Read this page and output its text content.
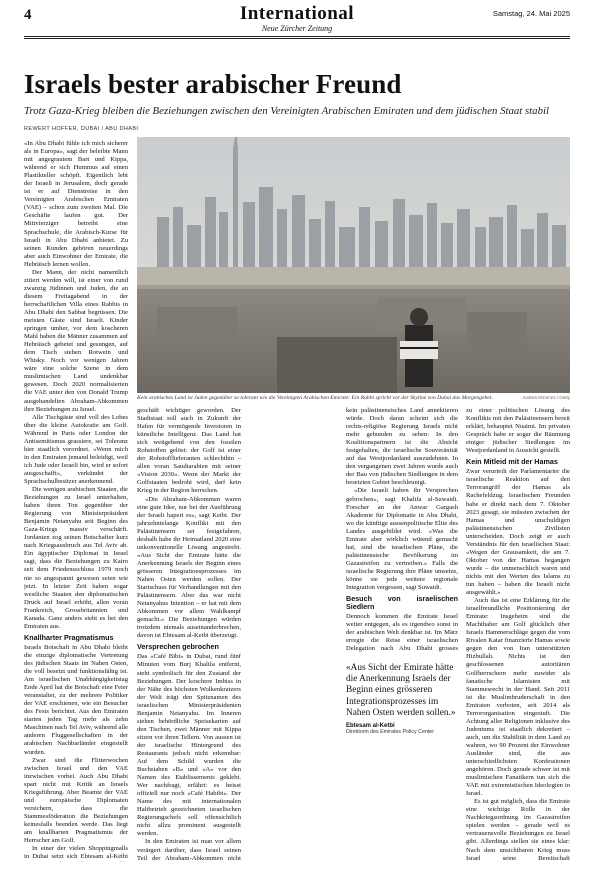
4	International
Neue Zürcher Zeitung
Samstag, 24. Mai 2025
Israels bester arabischer Freund
Trotz Gaza-Krieg bleiben die Beziehungen zwischen den Vereinigten Arabischen Emiraten und dem jüdischen Staat stabil
REWERT HOFFER, DUBAI / ABU DHABI

«In Abu Dhabi fühle ich mich sicherer als in Europa», sagt der beleibte Mann mit angegrautem Bart und Kippa, während er sich Hummus auf einen Plastikteller schöpft. Eigentlich lebt der Israeli in Jerusalem, doch gerade ist er auf Dienstreise in den Vereinigten Arabischen Emiraten (VAE) – schon zum zweiten Mal. Die Geschäfte laufen gut. Der Mittvierziger betreibt eine Sprachschule, die Arabisch-Kurse für Israeli in Abu Dhabi anbietet. Zu seinen Kunden gehören neuerdings aber auch Einwohner der Emirate, die Hebräisch lernen wollen.

Der Mann, der nicht namentlich zitiert werden will, ist einer von rund zwanzig Jüdinnen und Juden, die an diesem Freitagabend in der herrschaftlichen Villa eines Rabbis in Abu Dhabi den Sabbat begrüssen. Die meisten Gäste sind Israeli. Kinder springen umher, vor dem koscheren Mahl haben die Männer zusammen auf Hebräisch gebetet und gesungen, auf dem Tisch stehen Rotwein und Whisky. Noch vor wenigen Jahren wäre eine solche Szene in dem muslimischen Land undenkbar gewesen. Doch 2020 normalisierten die VAE unter den von Donald Trump ausgehandelten Abraham-Abkommen ihre Beziehungen zu Israel.

Alle Tischgäste sind voll des Lobes über die kleine Autokratie am Golf. Während in Paris oder London der Antisemitismus grassiere, sei Toleranz hier staatlich verordnet. «Wenn mich in den Emiraten jemand beleidigt, weil ich Jude oder Israeli bin, wird er sofort ausgeschafft», verkündet der Sprachschulbesitzer anerkennend.

Die wenigen arabischen Staaten, die Beziehungen zu Israel unterhalten, haben ihren Ton gegenüber der Regierung von Ministerpräsident Benjamin Netanyahu seit Beginn des Gaza-Kriegs massiv verschärft. Jordanien zog seinen Botschafter kurz nach Kriegsausbruch aus Tel Aviv ab. Ein ägyptischer Diplomat in Israel sagt, dass die Beziehungen zu Kairo seit dem Friedensschluss 1979 noch nie so angespannt gewesen seien wie jetzt. In letzter Zeit haben sogar westliche Staaten den diplomatischen Druck auf Israel erhöht, allen voran Frankreich, Grossbritannien und Kanada. Ganz anders sieht es bei den Emiraten aus.

Knallharter Pragmatismus

Israels Botschaft in Abu Dhabi bleibt die einzige diplomatische Vertretung des jüdischen Staats im Nahen Osten, die voll besetzt und funktionsfähig ist. Am israelischen Unabhängigkeitstag Ende April hat die Botschaft eine Feier veranstaltet, zu der mehrere Politiker der VAE erschienen, wie ein Besucher des Fests berichtet. Aus den Emiraten starten jeden Tag mehr als zehn Maschinen nach Tel Aviv, während alle anderen Fluggesellschaften in der arabischen Nachbarländer eingestellt wurden.

Zwar sind die Flitterwochen zwischen Israel und den VAE inzwischen vorbei. Auch Abu Dhabi spart nicht mit Kritik an Israels Kriegsführung. Aber Beamte der VAE und europäische Diplomaten versichern, dass die Stammesföderation die Beziehungen keinesfalls beenden werde. Das liegt am knallharten Pragmatismus der Herrscher am Golf.

In einer der vielen Shoppingmalls in Dubai setzt sich Ebtesam al-Ketbi

Kein arabisches Land ist Juden gegenüber so tolerant wie die Vereinigten Arabischen Emirate: Ein Rabbi spricht vor der Skyline von Dubai das Morgengebet.	Andrea DiCenzo / Getty

geschäft wichtiger geworden. Der Stadtstaat soll auch in Zukunft der Hafen für vermögende Investoren in künstliche Intelligenz. Das Land hat sich weitgehend von den fossilen Rohstoffen gelöst: der Golf ist einer der Rohstofflieferanten schlechthin – allen voran Saudiarabien mit seiner «Vision 2030». Wenn der Markt der Golfstaaten bedroht wird, darf kein Krieg in der Region herrschen.

«Die Abraham-Abkommen waren eine gute Idee, nur bei der Ausführung der Israeli hapert es», sagt Ketbi. Der jahrzehntelange Konflikt mit den Palästinensern sei festgefahren, deshalb habe ihr Heimatland 2020 eine unkonventionelle Lösung angestrebt. «Aus Sicht der Emirate hätte die Anerkennung Israels der Beginn eines grösseren Integrationsprozesses im Nahen Osten werden sollen. Der Startschuss für Verhandlungen mit den Palästinensern. Aber das war nicht Netanyahus Intention – er hat mit dem Abkommen vor allem Wahlkampf gemacht.» Die Beziehungen würden trotzdem niemals auseinanderbrechen, davon ist Ebtesam al-Ketbi überzeugt.

Versprechen gebrochen

Das «Café Bibi» in Dubai, rund fünf Minuten vom Burj Khalifa entfernt, steht symbolisch für den Zustand der Beziehungen. Der koschere Imbiss in der Nähe des höchsten Wolkenkratzers der Welt trägt den Spitznamen des israelischen Ministerpräsidenten Benjamin Netanyahu. Im Inneren stehen behördliche Speisekarten auf den Tischen, zwei Männer mit Kippa sitzen vor ihren Tellern. Von aussen ist der israelische Hintergrund des Restaurants jedoch nicht erkennbar: Auf dem Schild wurden die Buchstaben «B» und «A» vor den Namen des Etablissements geklebt. Wer nachfragt, erfährt: es heisst offiziell nur noch «Café Habibi». Der Name des mit internationalen Haltbetrieb gezeichneten israelischen Regierungschefs soll offensichtlich nicht allzu prominent ausgestellt werden.

In den Emiraten ist man vor allem verärgert darüber, dass Israel seinen Teil der Abraham-Abkommen nicht

kein palästinensisches Land annektieren würde. Doch daran scheint sich die rechts-religiöse Regierung Israels nicht mehr gebunden zu sehen: In den Koalitionspartnern ist die Absicht festgehalten, die israelische Souveränität auf das Westjordanland auszudehnen. In den vergangenen zwei Jahren wurde auch der Bau von jüdischen Siedlungen in dem besetzten Gebiet beschleunigt.

«Die Israeli haben ihr Versprechen gebrochen», sagt Khalifa al-Suwaidi. Forscher an der Anwar Gargash Akademie für Diplomatie in Abu Dhabi, wo die künftige aussenpolitische Elite des Landes ausgebildet wird. «Was die Emirate aber wirklich wütend gemacht hat, sind die israelischen Pläne, die palästinensische Bevölkerung im Gazastreifen zu vertreiben.» Falls die israelische Regierung ihre Pläne umsetze, könne sie jede weitere regionale Integration vergessen, sagt Suwaidi.

Besuch von israelischen Siedlern

Dennoch kommen die Emirate Israel weiter entgegen, als es irgendwo sonst in der arabischen Welt denkbar ist. Im März erregte die Reise einer israelischen Delegation nach Abu Dhabi grosses

«Aus Sicht der Emirate hätte die Anerkennung Israels der Beginn eines grösseren Integrationsprozesses im Nahen Osten werden sollen.»
Ebtesam al-Ketbi
Direktorin des Emirates Policy Center

zu einer politischen Lösung des Konflikts mit den Palästinensern bereit erklärt, behauptet Nuaimi. Im privaten Gespräch habe er sogar die Räumung einiger jüdischer Siedlungen im Westjordanland in Aussicht gestellt.

Kein Mitleid mit der Hamas

Zwar verurteilt der Parlamentarier die israelische Reaktion auf den Terrorangriff der Hamas als Rachefeldzug. Israelischen Freunden habe er direkt nach dem 7. Oktober 2023 gesagt, sie müssten zwischen der Hamas und unschuldigen palästinensischen Zivilisten unterscheiden. Doch zeigt er auch Verständnis für den israelischen Staat: «Wegen der Grausamkeit, die am 7. Oktober von der Hamas begangen wurde – die unmenschlich waren und nichts mit den Werten des Islams zu tun haben – haben die Israeli nicht ausgewählt.»

Auch das ist eine Erklärung für die israelfreundliche Positionierung der Emirate: Insgeheim sind die Machthaber am Golf glücklich über Israels Hammerschläge gegen die vom Rivalen Katar finanzierte Hamas sowie gegen den von Iran unterstützten Hizbullah. Nichts ist den geschlossenen autoritären Golfherrschern mehr zuwider als fanatische Islamisten mit Stammesrecht in der Hand. Seit 2011 ist die Muslimbruderschaft in den Emiraten verboten, seit 2014 als Terrororganisation eingestuft. Die Achtung aller Religionen inklusive des Judentums ist staatlich dekretiert – auch, um die Stabilität in dem Land zu wahren, wo 90 Prozent der Einwohner Ausländer sind, die aus unterschiedlichsten Konfessionen angehören. Doch gerade schwer ist mit muslimischen Fanatikern tun sich die VAE mit extremistischen Ideologien in Israel.

Es ist gut möglich, dass die Emirate eine wichtige Rolle in der Nachkriegsordnung im Gazastreifen spielen werden – gerade weil es vertrauensvolle Beziehungen zu Israel gibt. Allerdings stellen sie eines klar: Nach dem unsichtbaren Krieg muss Israel seine Bereitschaft
